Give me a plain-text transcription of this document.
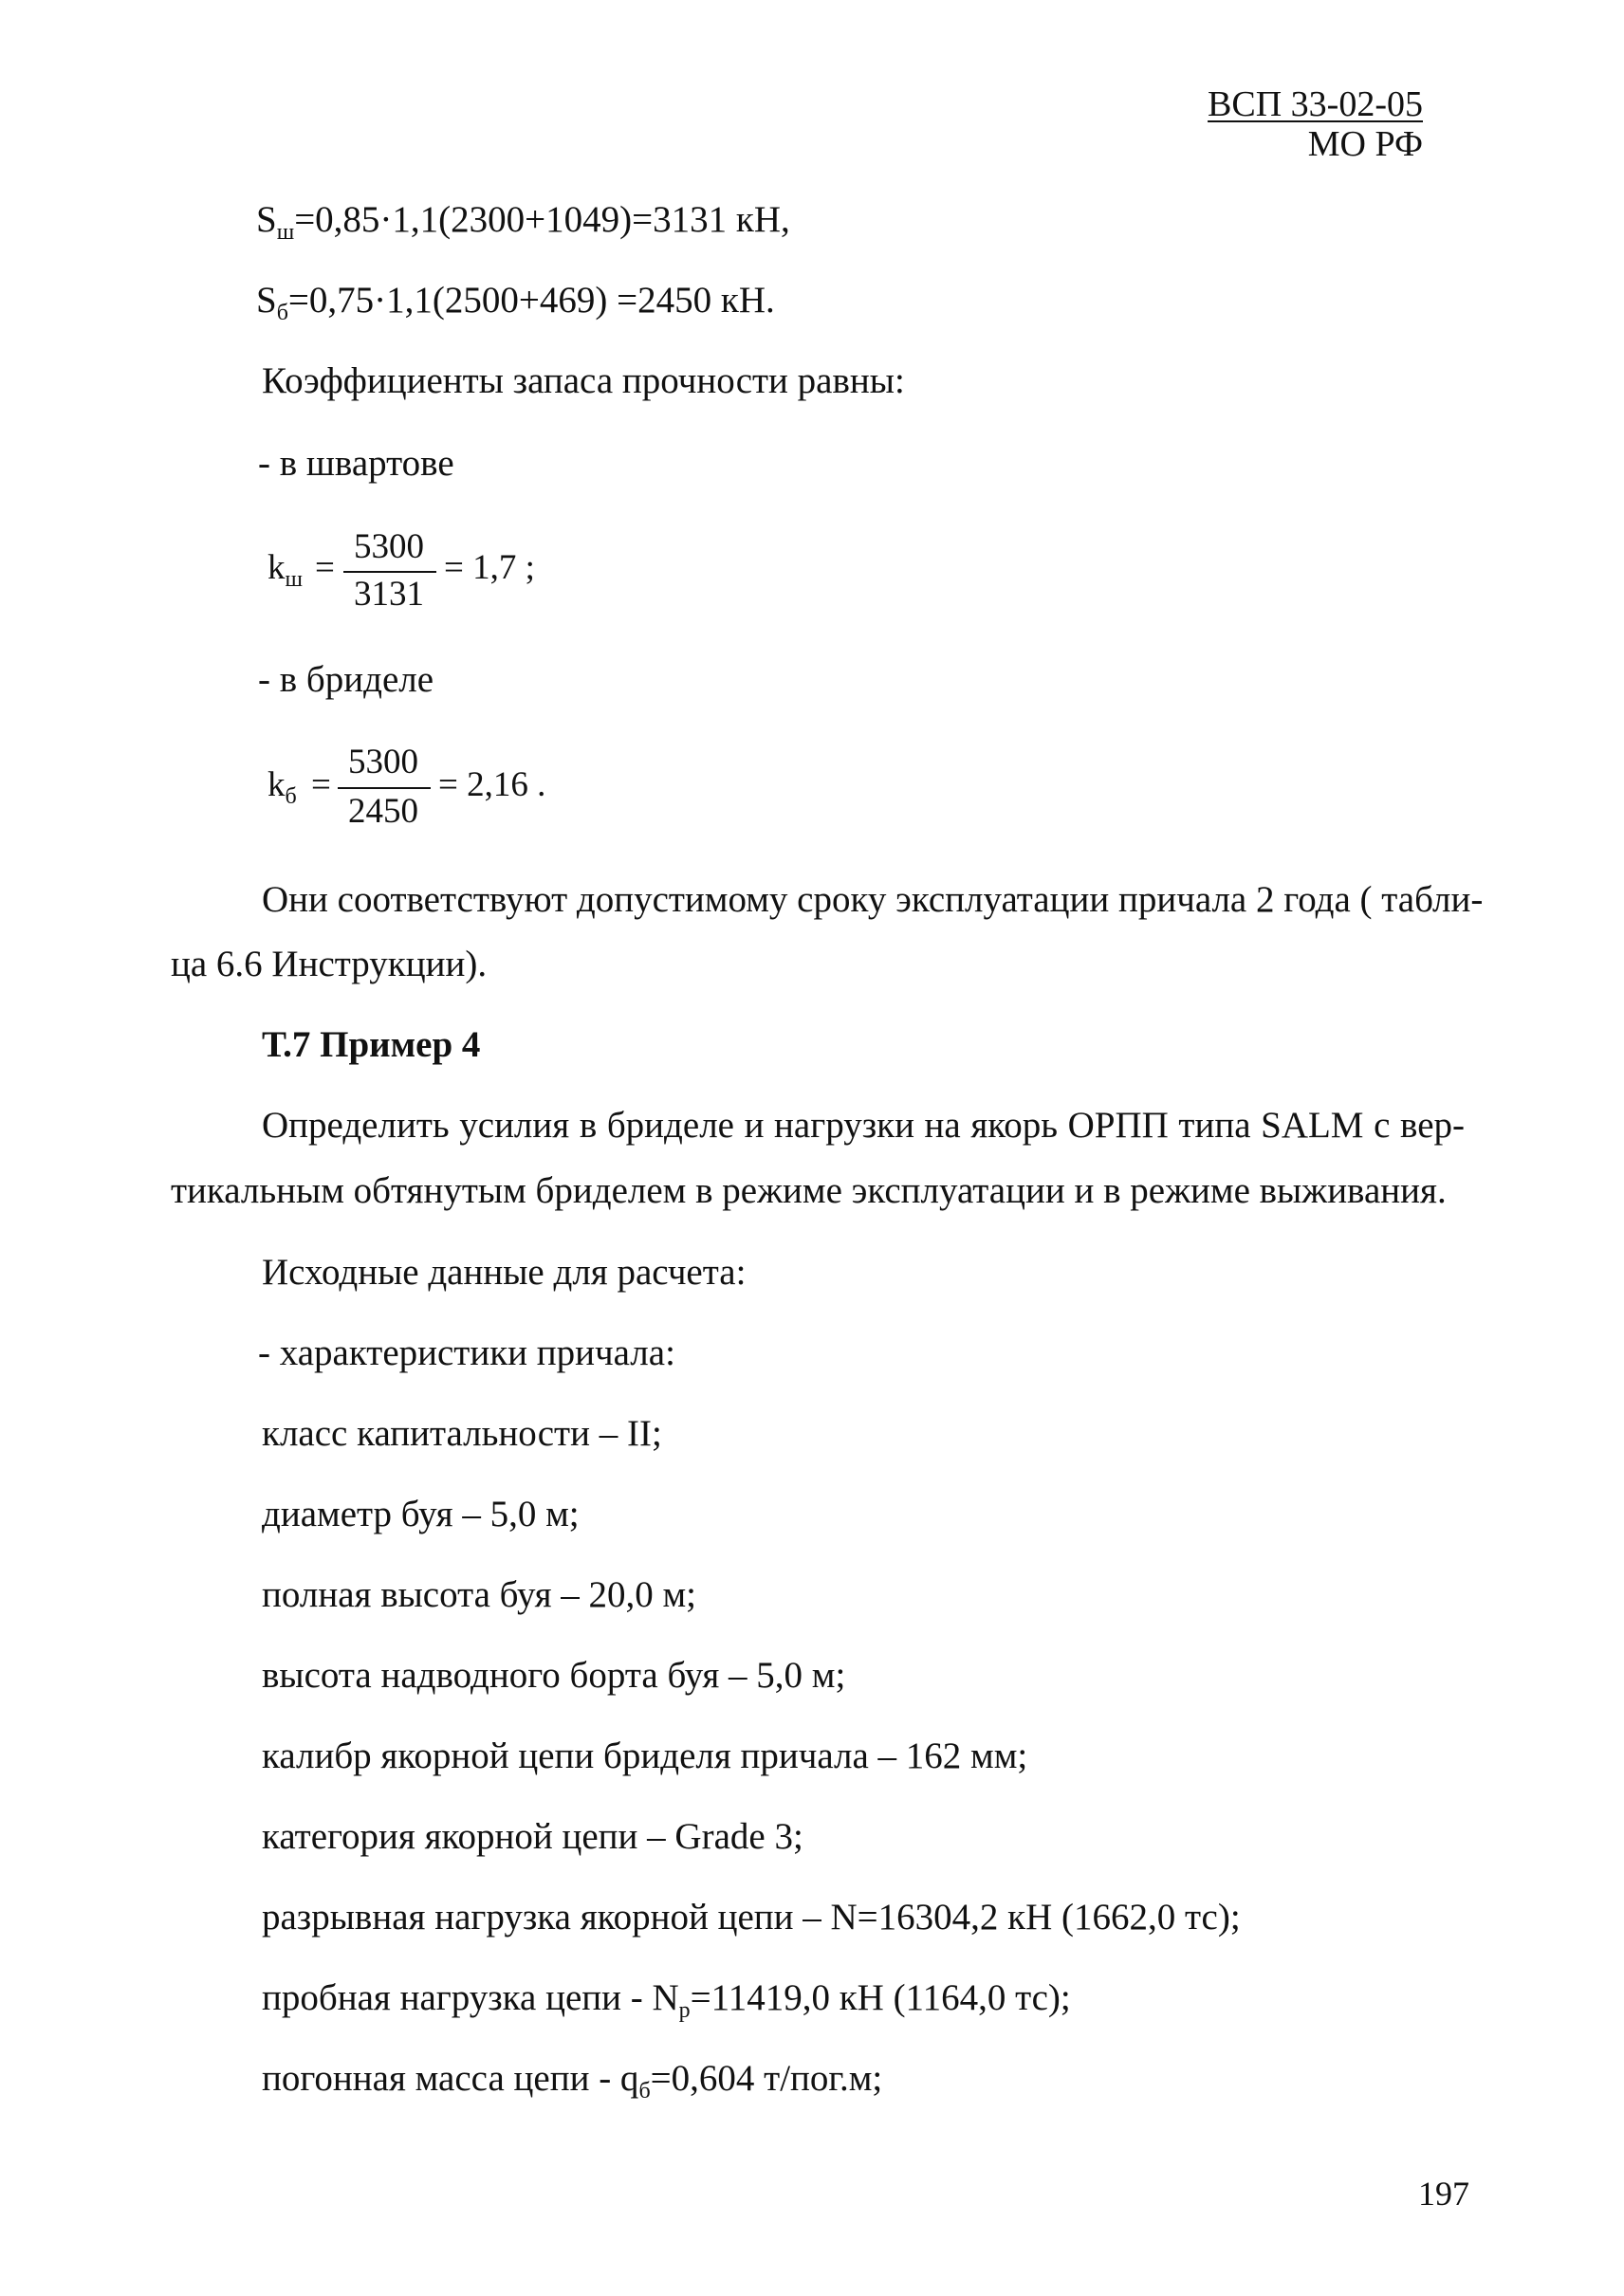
ВСП 33-02-05
МО РФ
$S_ш=0,85\cdot 1,1(2300+1049)=3131$ кН,
$S_б=0,75\cdot 1,1(2500+469) =2450$ кН.
Коэффициенты запаса прочности равны:
- в швартове
$k_ш$ =
5300
3131
= 1,7 ;
- в бриделе
$k_б$ =
5300
2450
= 2,16 .
Они соответствуют допустимому сроку эксплуатации причала 2 года ( табли-
ца 6.6 Инструкции).
Т.7 Пример 4
Определить усилия в бриделе и нагрузки на якорь ОРПП типа SALM с вер-
тикальным обтянутым бриделем в режиме эксплуатации и в режиме выживания.
Исходные данные для расчета:
- характеристики причала:
класс капитальности – II;
диаметр буя – 5,0 м;
полная высота буя – 20,0 м;
высота надводного борта буя – 5,0 м;
калибр якорной цепи бриделя причала – 162 мм;
категория якорной цепи – Grade 3;
разрывная нагрузка якорной цепи – N=16304,2 кН (1662,0 тс);
пробная нагрузка цепи - $N_р=11419,0$ кН (1164,0 тс);
погонная масса цепи - $q_б=0,604$ т/пог.м;
197
